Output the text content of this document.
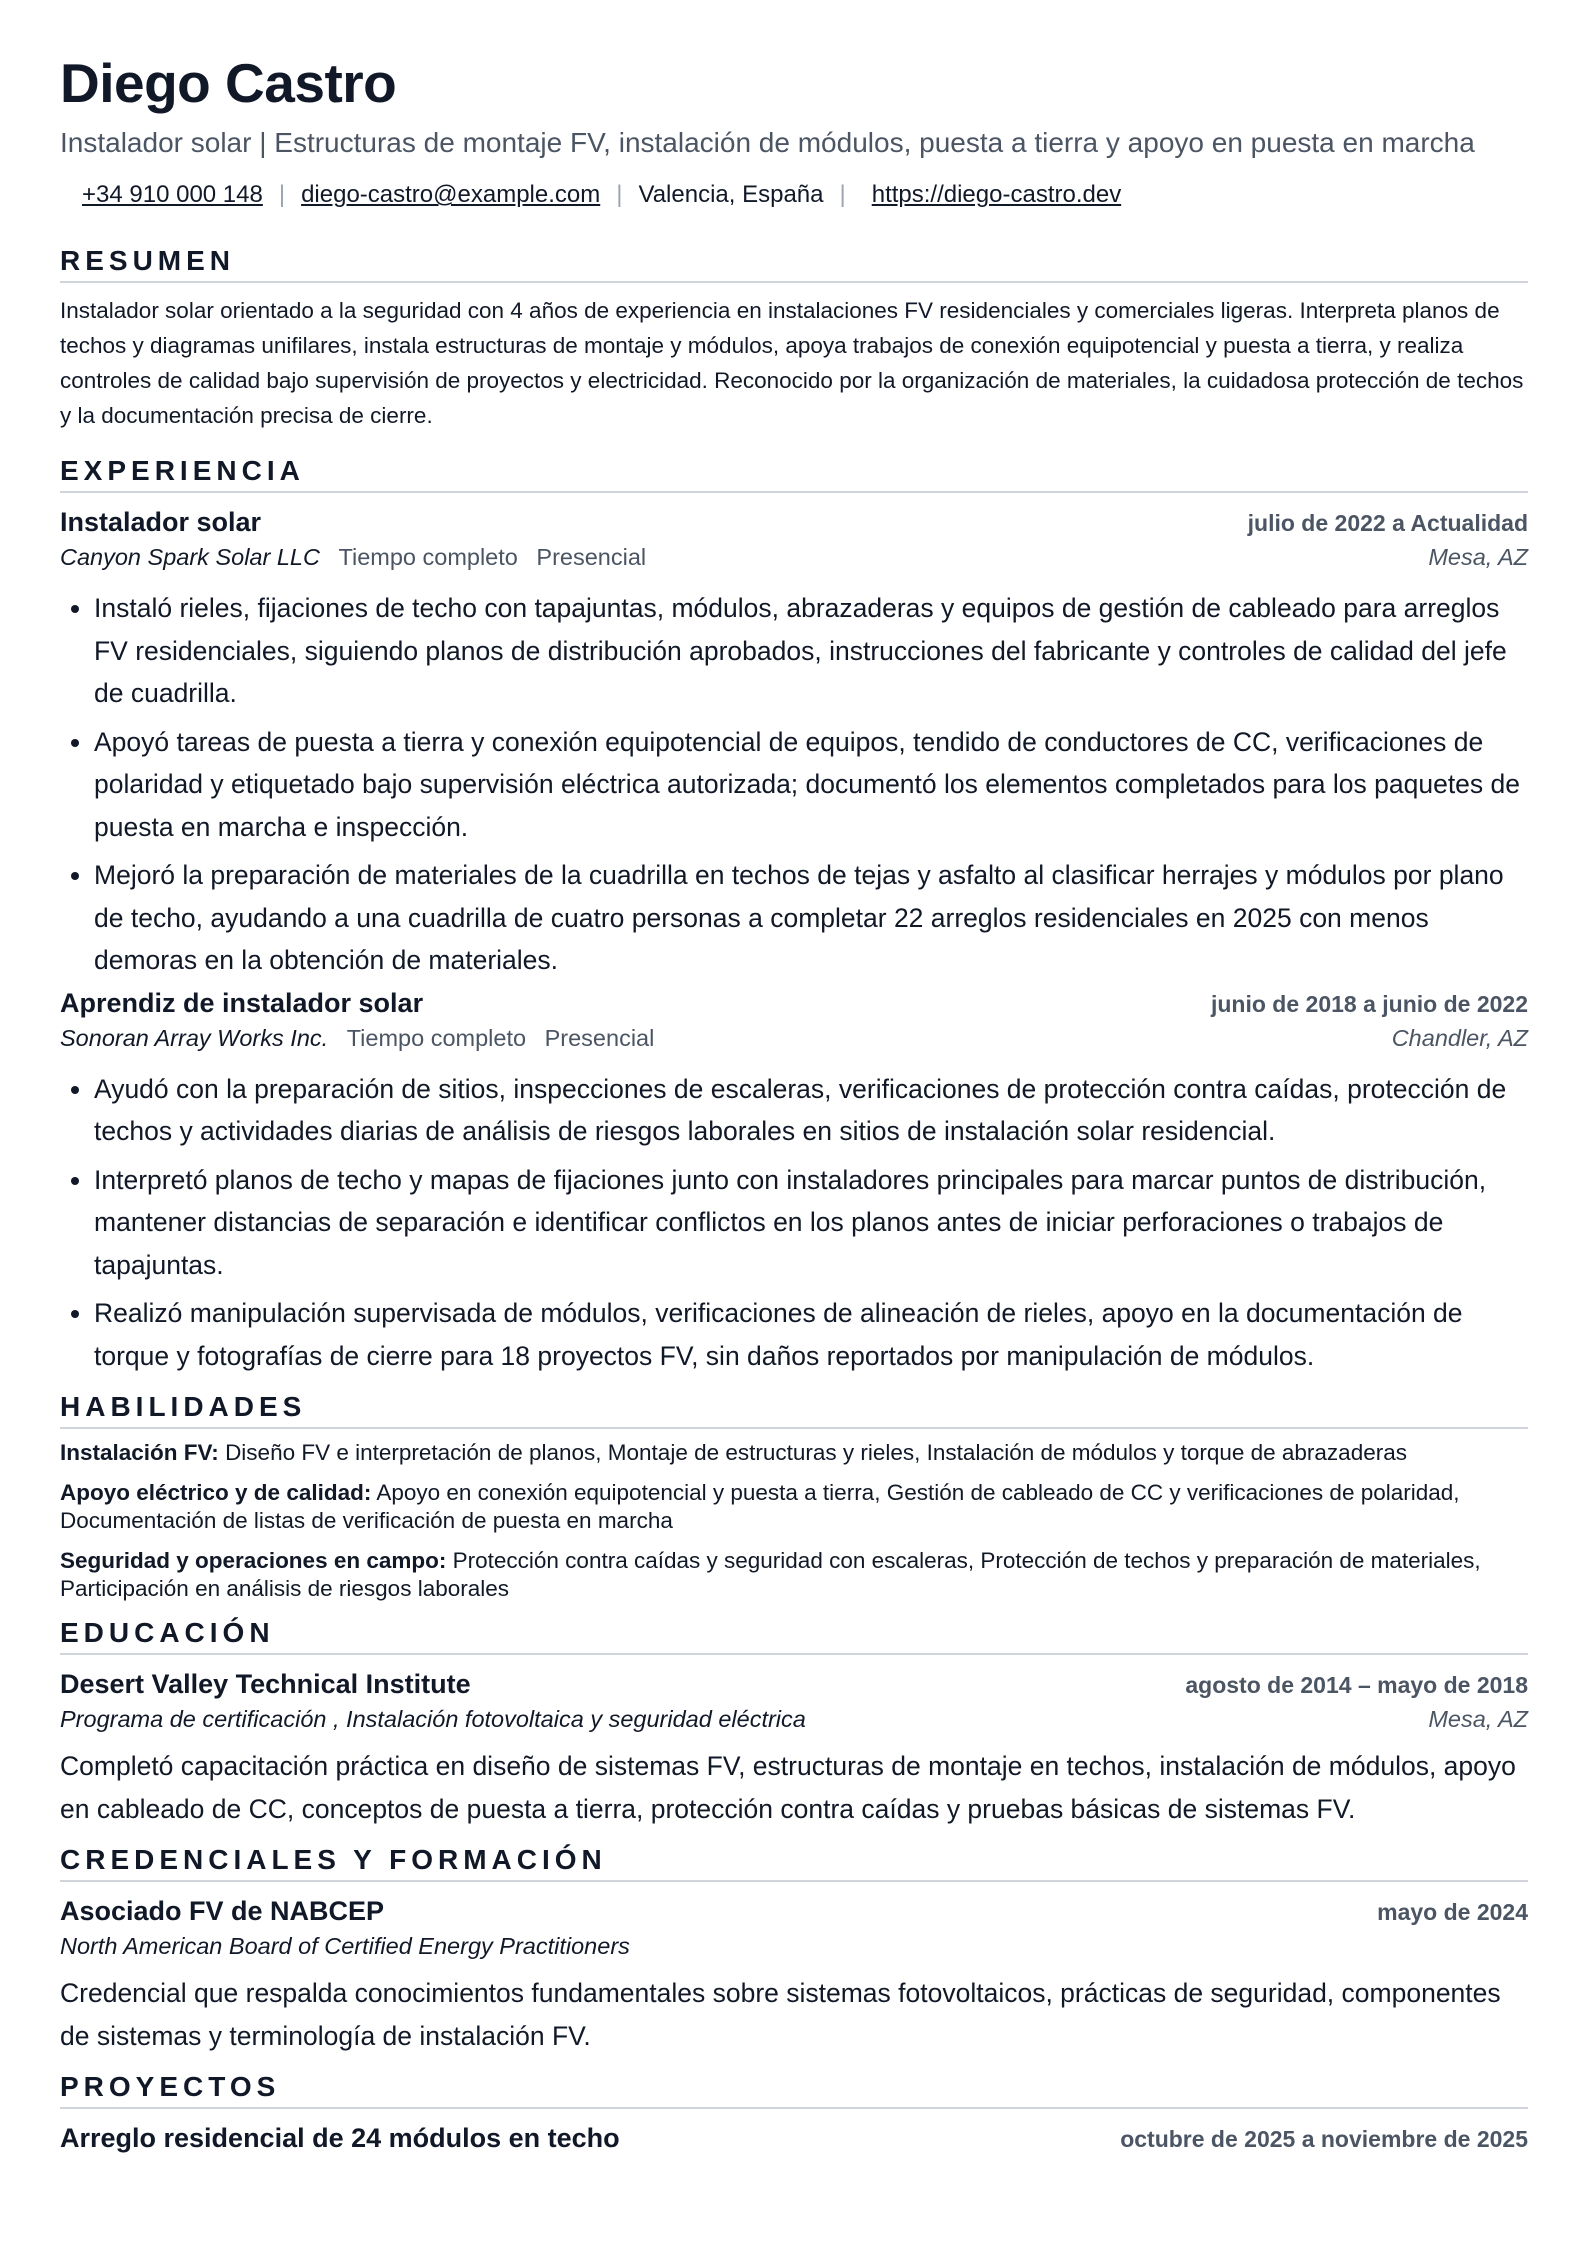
Diego Castro
Instalador solar | Estructuras de montaje FV, instalación de módulos, puesta a tierra y apoyo en puesta en marcha
+34 910 000 148 | diego-castro@example.com | Valencia, España | https://diego-castro.dev
RESUMEN
Instalador solar orientado a la seguridad con 4 años de experiencia en instalaciones FV residenciales y comerciales ligeras. Interpreta planos de techos y diagramas unifilares, instala estructuras de montaje y módulos, apoya trabajos de conexión equipotencial y puesta a tierra, y realiza controles de calidad bajo supervisión de proyectos y electricidad. Reconocido por la organización de materiales, la cuidadosa protección de techos y la documentación precisa de cierre.
EXPERIENCIA
Instalador solar	julio de 2022 a Actualidad
Canyon Spark Solar LLC Tiempo completo Presencial	Mesa, AZ
• Instaló rieles, fijaciones de techo con tapajuntas, módulos, abrazaderas y equipos de gestión de cableado para arreglos FV residenciales, siguiendo planos de distribución aprobados, instrucciones del fabricante y controles de calidad del jefe de cuadrilla.
• Apoyó tareas de puesta a tierra y conexión equipotencial de equipos, tendido de conductores de CC, verificaciones de polaridad y etiquetado bajo supervisión eléctrica autorizada; documentó los elementos completados para los paquetes de puesta en marcha e inspección.
• Mejoró la preparación de materiales de la cuadrilla en techos de tejas y asfalto al clasificar herrajes y módulos por plano de techo, ayudando a una cuadrilla de cuatro personas a completar 22 arreglos residenciales en 2025 con menos demoras en la obtención de materiales.
Aprendiz de instalador solar	junio de 2018 a junio de 2022
Sonoran Array Works Inc. Tiempo completo Presencial	Chandler, AZ
• Ayudó con la preparación de sitios, inspecciones de escaleras, verificaciones de protección contra caídas, protección de techos y actividades diarias de análisis de riesgos laborales en sitios de instalación solar residencial.
• Interpretó planos de techo y mapas de fijaciones junto con instaladores principales para marcar puntos de distribución, mantener distancias de separación e identificar conflictos en los planos antes de iniciar perforaciones o trabajos de tapajuntas.
• Realizó manipulación supervisada de módulos, verificaciones de alineación de rieles, apoyo en la documentación de torque y fotografías de cierre para 18 proyectos FV, sin daños reportados por manipulación de módulos.
HABILIDADES
Instalación FV: Diseño FV e interpretación de planos, Montaje de estructuras y rieles, Instalación de módulos y torque de abrazaderas
Apoyo eléctrico y de calidad: Apoyo en conexión equipotencial y puesta a tierra, Gestión de cableado de CC y verificaciones de polaridad, Documentación de listas de verificación de puesta en marcha
Seguridad y operaciones en campo: Protección contra caídas y seguridad con escaleras, Protección de techos y preparación de materiales, Participación en análisis de riesgos laborales
EDUCACIÓN
Desert Valley Technical Institute	agosto de 2014 – mayo de 2018
Programa de certificación , Instalación fotovoltaica y seguridad eléctrica	Mesa, AZ
Completó capacitación práctica en diseño de sistemas FV, estructuras de montaje en techos, instalación de módulos, apoyo en cableado de CC, conceptos de puesta a tierra, protección contra caídas y pruebas básicas de sistemas FV.
CREDENCIALES Y FORMACIÓN
Asociado FV de NABCEP	mayo de 2024
North American Board of Certified Energy Practitioners
Credencial que respalda conocimientos fundamentales sobre sistemas fotovoltaicos, prácticas de seguridad, componentes de sistemas y terminología de instalación FV.
PROYECTOS
Arreglo residencial de 24 módulos en techo	octubre de 2025 a noviembre de 2025
